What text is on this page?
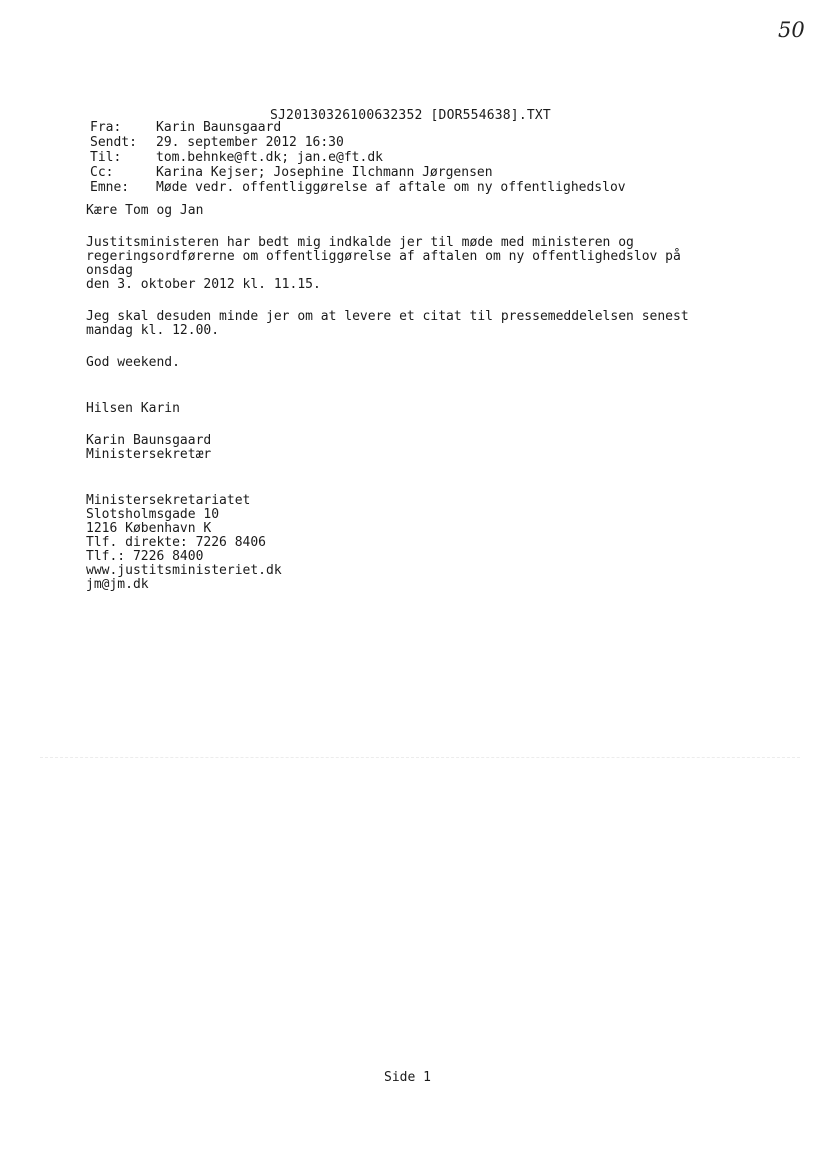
50
SJ20130326100632352 [DOR554638].TXT
Fra:	Karin Baunsgaard
Sendt:	29. september 2012 16:30
Til:	tom.behnke@ft.dk; jan.e@ft.dk
Cc:	Karina Kejser; Josephine Ilchmann Jørgensen
Emne:	Møde vedr. offentliggørelse af aftale om ny offentlighedslov

Kære Tom og Jan

Justitsministeren har bedt mig indkalde jer til møde med ministeren og

regeringsordførerne om offentliggørelse af aftalen om ny offentlighedslov på

onsdag

den 3. oktober 2012 kl. 11.15.

Jeg skal desuden minde jer om at levere et citat til pressemeddelelsen senest

mandag kl. 12.00.

God weekend.

Hilsen Karin

Karin Baunsgaard

Ministersekretær

Ministersekretariatet

Slotsholmsgade 10

1216 København K

Tlf. direkte: 7226 8406

Tlf.: 7226 8400

www.justitsministeriet.dk

jm@jm.dk

Side 1
